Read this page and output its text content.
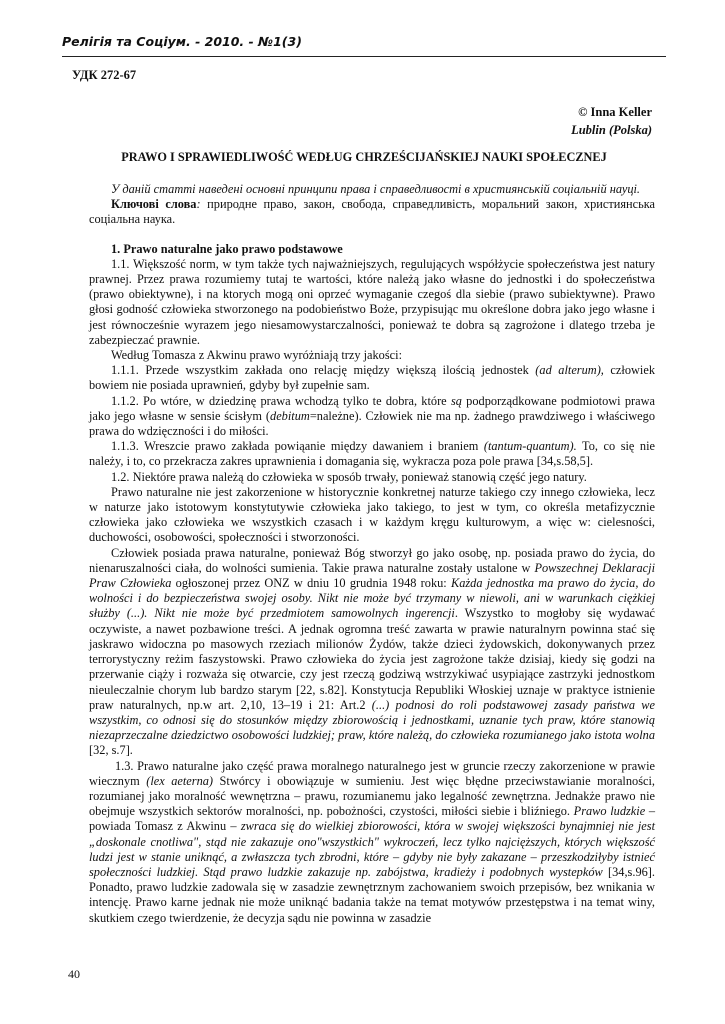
Релігія та Соціум. - 2010. - №1(3)
УДК 272-67
© Inna Keller
Lublin (Polska)
PRAWO I SPRAWIEDLIWOŚĆ WEDŁUG CHRZEŚCIJAŃSKIEJ NAUKI SPOŁECZNEJ

У даній статті наведені основні принципи права і справедливості в християнській соціальній науці.

Ключові слова: природне право, закон, свобода, справедливість, моральний закон, християнська соціальна наука.

1. Prawo naturalne jako prawo podstawowe

1.1. Większość norm, w tym także tych najważniejszych, regulujących współżycie społeczeństwa jest natury prawnej. Przez prawa rozumiemy tutaj te wartości, które należą jako własne do jednostki i do społeczeństwa (prawo obiektywne), i na ktorych mogą oni oprzeć wymaganie czegoś dla siebie (prawo subiektywne). Prawo głosi godność człowieka stworzonego na podobieństwo Boże, przypisując mu określone dobra jako jego własne i jest równocześnie wyrazem jego niesamowystarczalności, ponieważ te dobra są zagrożone i dlatego trzeba je zabezpieczać prawnie.

Według Tomasza z Akwinu prawo wyróżniają trzy jakości:

1.1.1. Przede wszystkim zakłada ono relację między większą ilością jednostek (ad alterum), człowiek bowiem nie posiada uprawnień, gdyby był zupełnie sam.

1.1.2. Po wtóre, w dziedzinę prawa wchodzą tylko te dobra, które są podporządkowane podmiotowi prawa jako jego własne w sensie ścisłym (debitum=należne). Człowiek nie ma np. żadnego prawdziwego i właściwego prawa do wdzięczności i do miłości.

1.1.3. Wreszcie prawo zakłada powiąanie między dawaniem i braniem (tantum-quantum). To, co się nie należy, i to, co przekracza zakres uprawnienia i domagania się, wykracza poza pole prawa [34,s.58,5].

1.2. Niektóre prawa należą do człowieka w sposób trwały, ponieważ stanowią część jego natury.

Prawo naturalne nie jest zakorzenione w historycznie konkretnej naturze takiego czy innego człowieka, lecz w naturze jako istotowym konstytutywie człowieka jako takiego, to jest w tym, co określa metafizycznie człowieka jako człowieka we wszystkich czasach i w każdym kręgu kulturowym, a więc w: cielesności, duchowości, osobowości, społeczności i stworzoności.

Człowiek posiada prawa naturalne, ponieważ Bóg stworzył go jako osobę, np. posiada prawo do życia, do nienaruszalności ciała, do wolności sumienia. Takie prawa naturalne zostały ustalone w Powszechnej Deklaracji Praw Człowieka ogłoszonej przez ONZ w dniu 10 grudnia 1948 roku: Każda jednostka ma prawo do życia, do wolności i do bezpieczeństwa swojej osoby. Nikt nie może być trzymany w niewoli, ani w warunkach ciężkiej służby (...). Nikt nie może być przedmiotem samowolnych ingerencji. Wszystko to mogłoby się wydawać oczywiste, a nawet pozbawione treści. A jednak ogromna treść zawarta w prawie naturalnyrn powinna stać się jaskrawo widoczna po masowych rzeziach milionów Żydów, także dzieci żydowskich, dokonywanych przez terrorystyczny reżim faszystowski. Prawo człowieka do życia jest zagrożone także dzisiaj, kiedy się godzi na przerwanie ciąży i rozważa się otwarcie, czy jest rzeczą godziwą wstrzykiwać usypiające zastrzyki jednostkom nieuleczalnie chorym lub bardzo starym [22, s.82]. Konstytucja Republiki Włoskiej uznaje w praktyce istnienie praw naturalnych, np.w art. 2,10, 13–19 i 21: Art.2 (...) podnosi do roli podstawowej zasady państwa we wszystkim, co odnosi się do stosunków między zbiorowością i jednostkami, uznanie tych praw, które stanowią niezaprzeczalne dziedzictwo osobowości ludzkiej; praw, które należą, do człowieka rozumianego jako istota wolna [32, s.7].

1.3. Prawo naturalne jako część prawa moralnego naturalnego jest w gruncie rzeczy zakorzenione w prawie wiecznym (lex aeterna) Stwórcy i obowiązuje w sumieniu. Jest więc błędne przeciwstawianie moralności, rozumianej jako moralność wewnętrzna – prawu, rozumianemu jako legalność zewnętrzna. Jednakże prawo nie obejmuje wszystkich sektorów moralności, np. pobożności, czystości, miłości siebie i bliźniego. Prawo ludzkie – powiada Tomasz z Akwinu – zwraca się do wielkiej zbiorowości, która w swojej większości bynajmniej nie jest „doskonale cnotliwa", stąd nie zakazuje ono"wszystkich" wykroczeń, lecz tylko najcięższych, których większość ludzi jest w stanie uniknąć, a zwłaszcza tych zbrodni, które – gdyby nie były zakazane – przeszkodziłyby istnieć społeczności ludzkiej. Stąd prawo ludzkie zakazuje np. zabójstwa, kradieży i podobnych wystepków [34,s.96]. Ponadto, prawo ludzkie zadowala się w zasadzie zewnętrznym zachowaniem swoich przepisów, bez wnikania w intencję. Prawo karne jednak nie może uniknąć badania także na temat motywów przestępstwa i na temat winy, skutkiem czego twierdzenie, że decyzja sądu nie powinna w zasadzie

40
